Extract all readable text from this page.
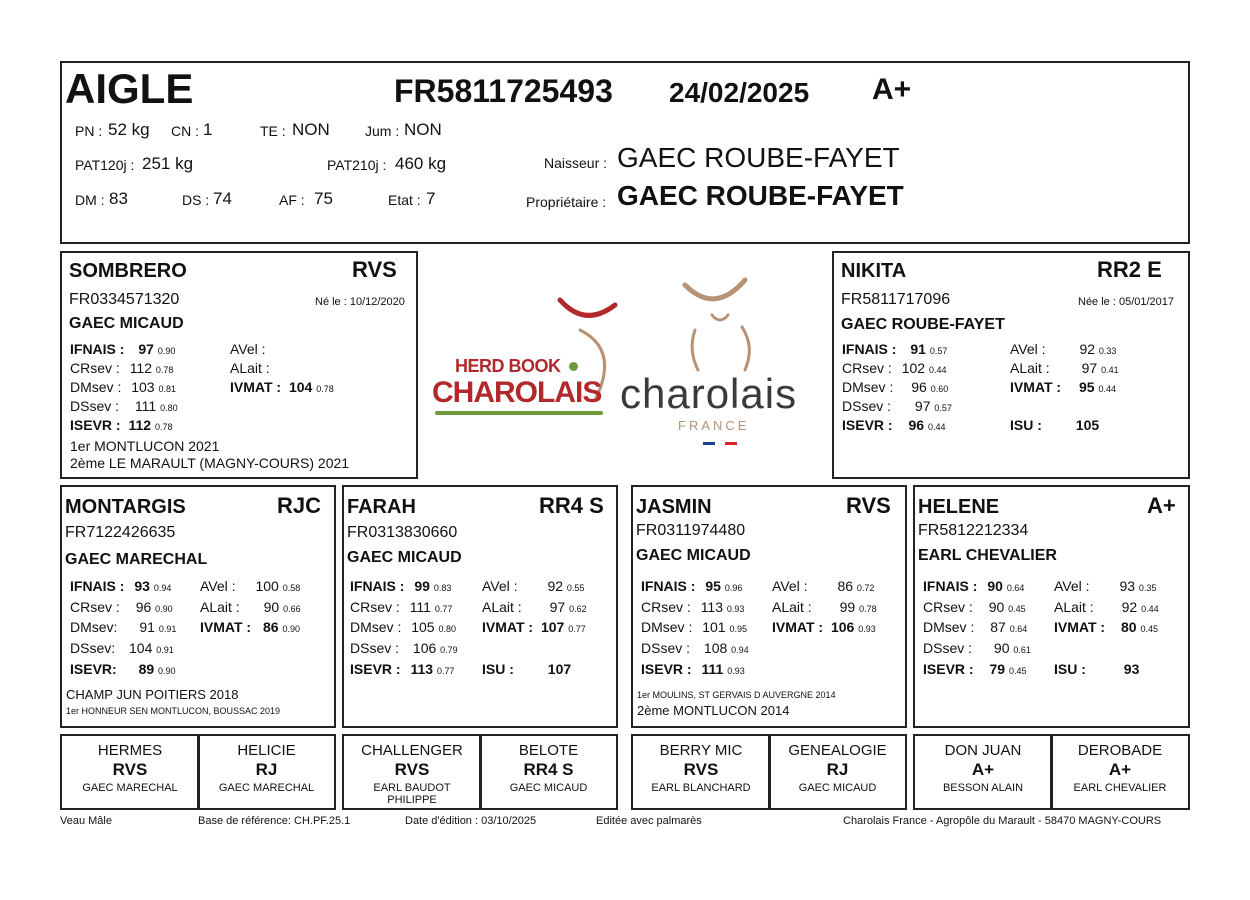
AIGLE	FR5811725493 24/02/2025 A+
PN : 52 kg CN : 1	TE : NON	Jum : NON
PAT120j : 251 kg	PAT210j : 460 kg
DM : 83	DS : 74	AF : 75	Etat : 7
Naisseur : GAEC ROUBE-FAYET
Propriétaire : GAEC ROUBE-FAYET
SOMBRERO	RVS
FR0334571320	Né le : 10/12/2020
GAEC MICAUD
IFNAIS : 97 0.90
CRsev : 112 0.78
DMsev : 103 0.81
DSsev : 111 0.80
ISEVR : 112 0.78
AVel :
ALait :
IVMAT : 104 0.78
1er MONTLUCON 2021
2ème LE MARAULT (MAGNY-COURS) 2021
HERD BOOK
CHAROLAIS charolais
FRANCE
NIKITA	RR2 E
FR5811717096	Née le : 05/01/2017
GAEC ROUBE-FAYET
IFNAIS : 91 0.57
CRsev : 102 0.44
DMsev : 96 0.60
DSsev : 97 0.57
ISEVR : 96 0.44
AVel : 92 0.33
ALait : 97 0.41
IVMAT : 95 0.44
ISU : 105
MONTARGIS	RJC
FR7122426635
GAEC MARECHAL
IFNAIS : 93 0.94
CRsev : 96 0.90
DMsev: 91 0.91
DSsev: 104 0.91
ISEVR: 89 0.90
AVel : 100 0.58
ALait : 90 0.66
IVMAT : 86 0.90
CHAMP JUN POITIERS 2018
1er HONNEUR SEN MONTLUCON, BOUSSAC 2019
FARAH	RR4 S
FR0313830660
GAEC MICAUD
IFNAIS : 99 0.83
CRsev : 111 0.77
DMsev : 105 0.80
DSsev : 106 0.79
ISEVR : 113 0.77
AVel : 92 0.55
ALait : 97 0.62
IVMAT : 107 0.77
ISU : 107
JASMIN	RVS
FR0311974480
GAEC MICAUD
IFNAIS : 95 0.96
CRsev : 113 0.93
DMsev : 101 0.95
DSsev : 108 0.94
ISEVR : 111 0.93
AVel : 86 0.72
ALait : 99 0.78
IVMAT : 106 0.93
1er MOULINS, ST GERVAIS D AUVERGNE 2014
2ème MONTLUCON 2014
HELENE	A+
FR5812212334
EARL CHEVALIER
IFNAIS : 90 0.64
CRsev : 90 0.45
DMsev : 87 0.64
DSsev : 90 0.61
ISEVR : 79 0.45
AVel : 93 0.35
ALait : 92 0.44
IVMAT : 80 0.45
ISU :	93
HERMES
RVS
GAEC MARECHAL
HELICIE
RJ
GAEC MARECHAL
CHALLENGER
RVS
EARL BAUDOT PHILIPPE
BELOTE
RR4 S
GAEC MICAUD
BERRY MIC
RVS
EARL BLANCHARD
GENEALOGIE
RJ
GAEC MICAUD
DON JUAN
A+
BESSON ALAIN
DEROBADE
A+
EARL CHEVALIER
Veau Mâle	Base de référence: CH.PF.25.1	Date d'édition : 03/10/2025	Editée avec palmarès	Charolais France - Agropôle du Marault - 58470 MAGNY-COURS
